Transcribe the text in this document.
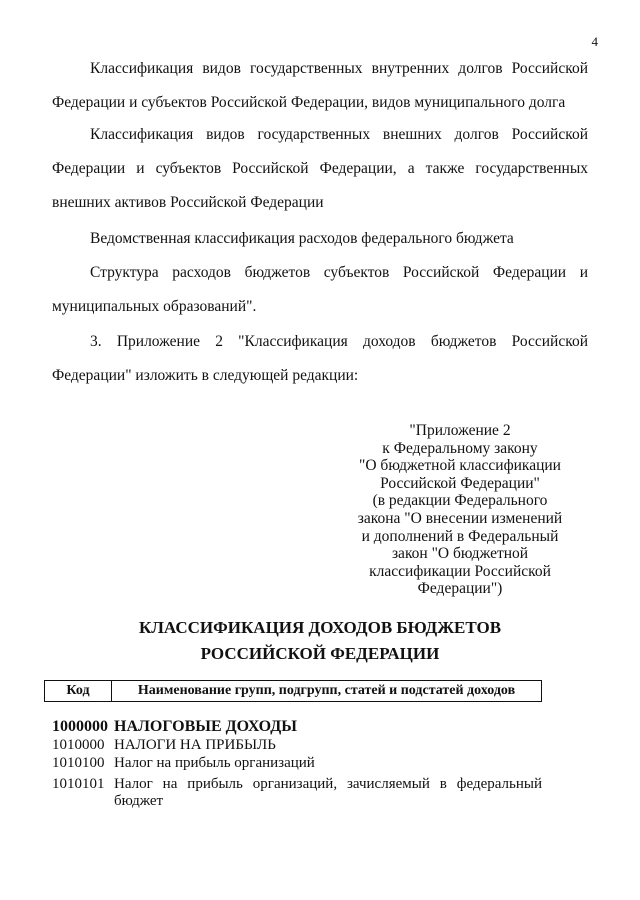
4
Классификация видов государственных внутренних долгов Российской Федерации и субъектов Российской Федерации, видов муниципального долга
Классификация видов государственных внешних долгов Российской Федерации и субъектов Российской Федерации, а также государственных внешних активов Российской Федерации
Ведомственная классификация расходов федерального бюджета
Структура расходов бюджетов субъектов Российской Федерации и муниципальных образований".
3. Приложение 2 "Классификация доходов бюджетов Российской Федерации" изложить в следующей редакции:
"Приложение 2
к Федеральному закону
"О бюджетной классификации
Российской Федерации"
(в редакции Федерального
закона "О внесении изменений
и дополнений в Федеральный
закон "О бюджетной
классификации Российской
Федерации")
КЛАССИФИКАЦИЯ ДОХОДОВ БЮДЖЕТОВ
РОССИЙСКОЙ ФЕДЕРАЦИИ
Код	Наименование групп, подгрупп, статей и подстатей доходов
1000000 НАЛОГОВЫЕ ДОХОДЫ
1010000 НАЛОГИ НА ПРИБЫЛЬ
1010100 Налог на прибыль организаций
1010101 Налог на прибыль организаций, зачисляемый в федеральный бюджет
